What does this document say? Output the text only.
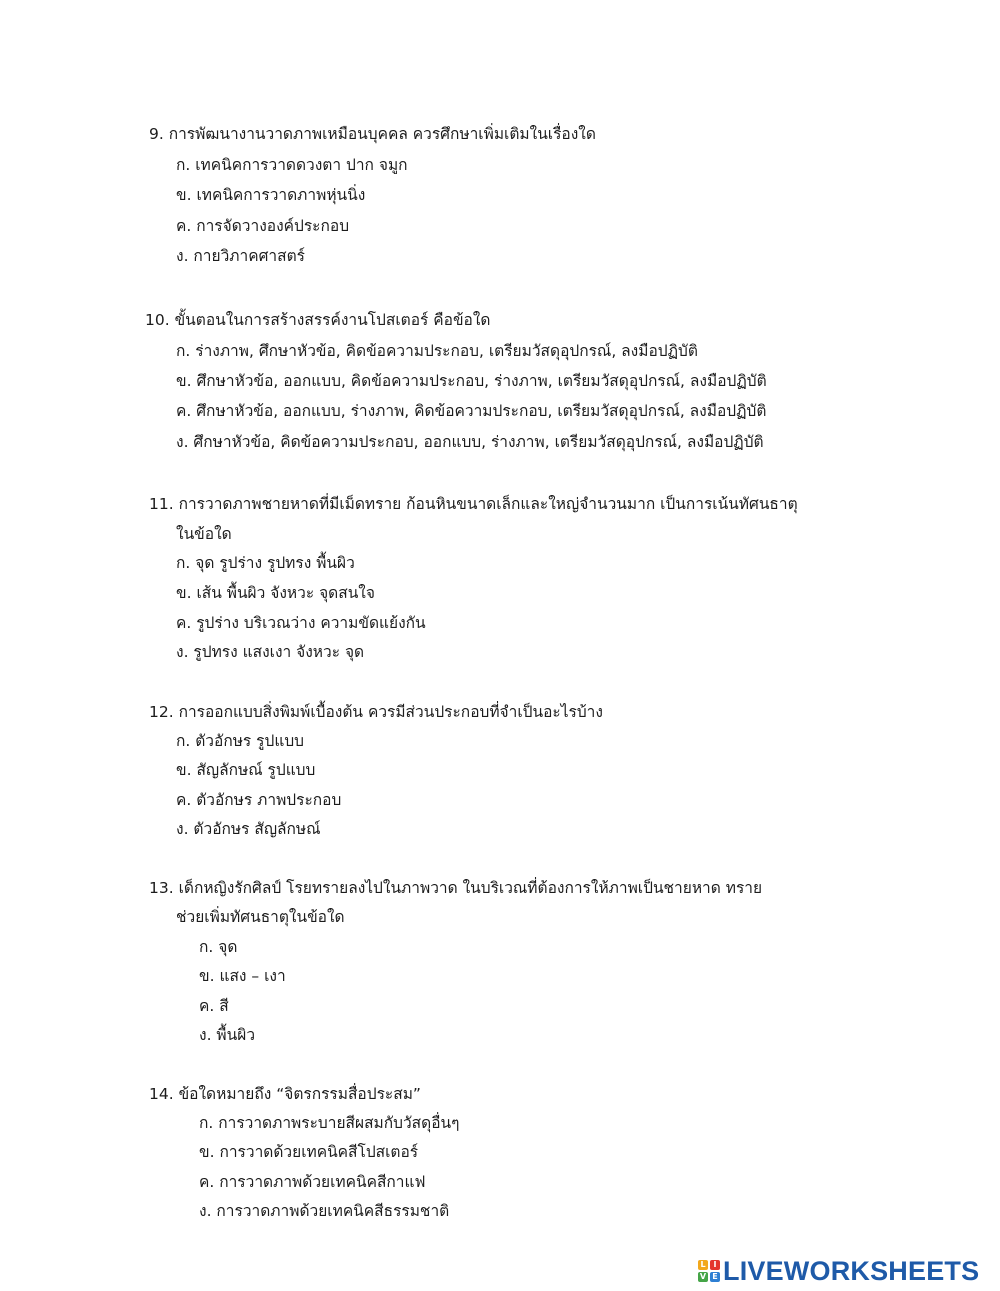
9. การพัฒนางานวาดภาพเหมือนบุคคล ควรศึกษาเพิ่มเติมในเรื่องใด
ก. เทคนิคการวาดดวงตา ปาก จมูก
ข. เทคนิคการวาดภาพหุ่นนิ่ง
ค. การจัดวางองค์ประกอบ
ง. กายวิภาคศาสตร์
10. ขั้นตอนในการสร้างสรรค์งานโปสเตอร์ คือข้อใด
ก. ร่างภาพ, ศึกษาหัวข้อ, คิดข้อความประกอบ, เตรียมวัสดุอุปกรณ์, ลงมือปฏิบัติ
ข. ศึกษาหัวข้อ, ออกแบบ, คิดข้อความประกอบ, ร่างภาพ, เตรียมวัสดุอุปกรณ์, ลงมือปฏิบัติ
ค. ศึกษาหัวข้อ, ออกแบบ, ร่างภาพ, คิดข้อความประกอบ, เตรียมวัสดุอุปกรณ์, ลงมือปฏิบัติ
ง. ศึกษาหัวข้อ, คิดข้อความประกอบ, ออกแบบ, ร่างภาพ, เตรียมวัสดุอุปกรณ์, ลงมือปฏิบัติ
11. การวาดภาพชายหาดที่มีเม็ดทราย ก้อนหินขนาดเล็กและใหญ่จำนวนมาก เป็นการเน้นทัศนธาตุ
ในข้อใด
ก. จุด รูปร่าง รูปทรง พื้นผิว
ข. เส้น พื้นผิว จังหวะ จุดสนใจ
ค. รูปร่าง บริเวณว่าง ความขัดแย้งกัน
ง. รูปทรง แสงเงา จังหวะ จุด
12. การออกแบบสิ่งพิมพ์เบื้องต้น ควรมีส่วนประกอบที่จำเป็นอะไรบ้าง
ก. ตัวอักษร รูปแบบ
ข. สัญลักษณ์ รูปแบบ
ค. ตัวอักษร ภาพประกอบ
ง. ตัวอักษร สัญลักษณ์
13. เด็กหญิงรักศิลป์ โรยทรายลงไปในภาพวาด ในบริเวณที่ต้องการให้ภาพเป็นชายหาด ทราย
ช่วยเพิ่มทัศนธาตุในข้อใด
ก. จุด
ข. แสง – เงา
ค. สี
ง. พื้นผิว
14. ข้อใดหมายถึง “จิตรกรรมสื่อประสม”
ก. การวาดภาพระบายสีผสมกับวัสดุอื่นๆ
ข. การวาดด้วยเทคนิคสีโปสเตอร์
ค. การวาดภาพด้วยเทคนิคสีกาแฟ
ง. การวาดภาพด้วยเทคนิคสีธรรมชาติ
L I
V E LIVEWORKSHEETS
